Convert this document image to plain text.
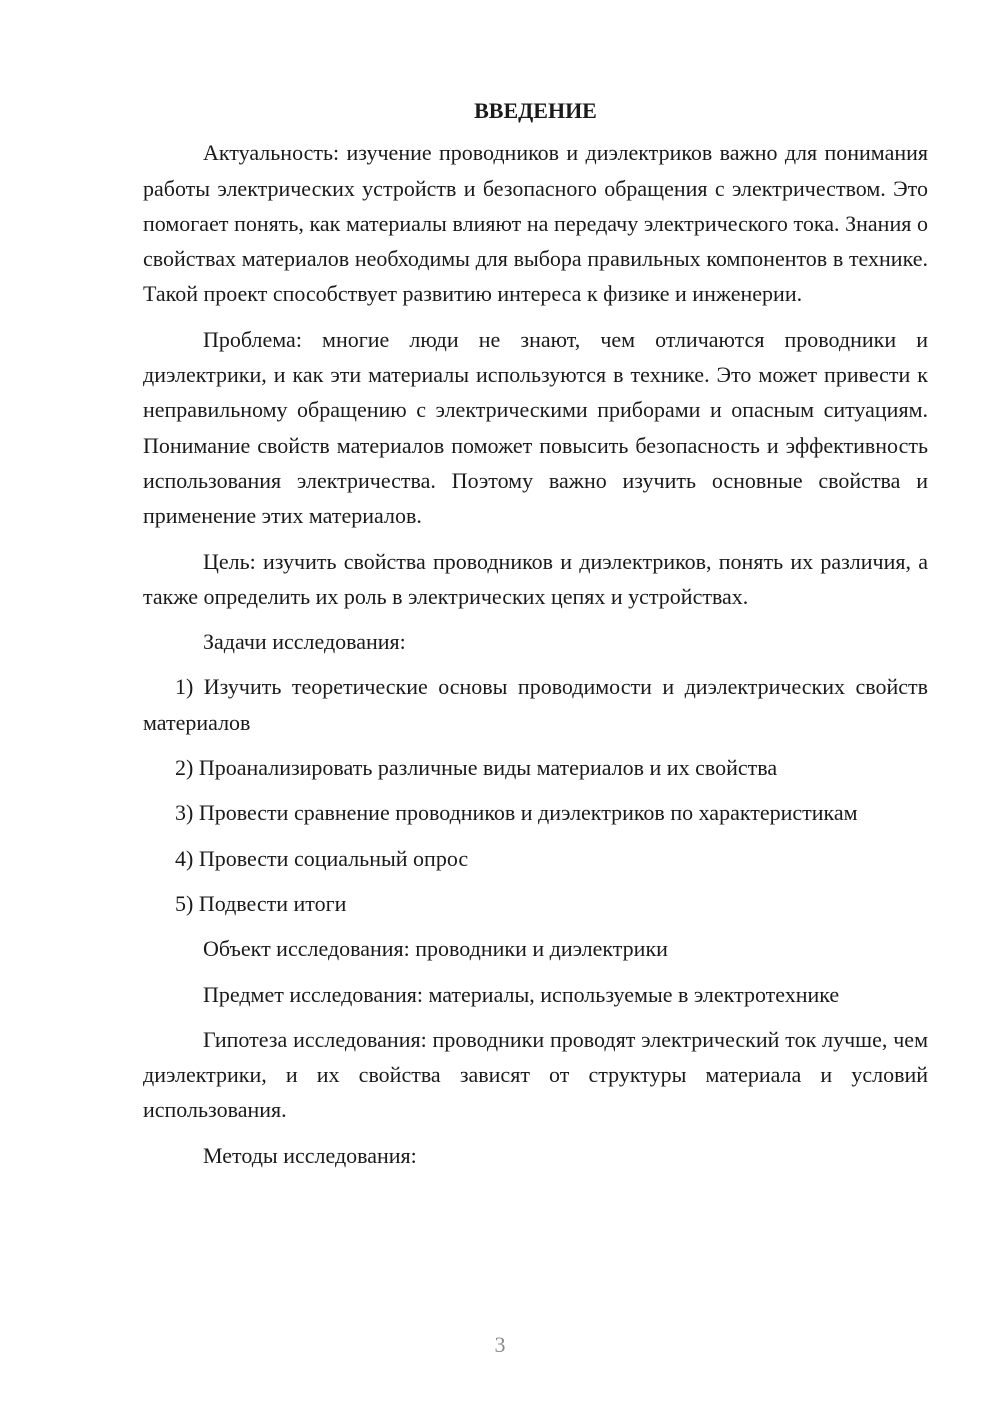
ВВЕДЕНИЕ

Актуальность: изучение проводников и диэлектриков важно для понимания работы электрических устройств и безопасного обращения с электричеством. Это помогает понять, как материалы влияют на передачу электрического тока. Знания о свойствах материалов необходимы для выбора правильных компонентов в технике. Такой проект способствует развитию интереса к физике и инженерии.

Проблема: многие люди не знают, чем отличаются проводники и диэлектрики, и как эти материалы используются в технике. Это может привести к неправильному обращению с электрическими приборами и опасным ситуациям. Понимание свойств материалов поможет повысить безопасность и эффективность использования электричества. Поэтому важно изучить основные свойства и применение этих материалов.

Цель: изучить свойства проводников и диэлектриков, понять их различия, а также определить их роль в электрических цепях и устройствах.

Задачи исследования:

1) Изучить теоретические основы проводимости и диэлектрических свойств материалов

2) Проанализировать различные виды материалов и их свойства

3) Провести сравнение проводников и диэлектриков по характеристикам

4) Провести социальный опрос

5) Подвести итоги

Объект исследования: проводники и диэлектрики

Предмет исследования: материалы, используемые в электротехнике

Гипотеза исследования: проводники проводят электрический ток лучше, чем диэлектрики, и их свойства зависят от структуры материала и условий использования.

Методы исследования:

3
